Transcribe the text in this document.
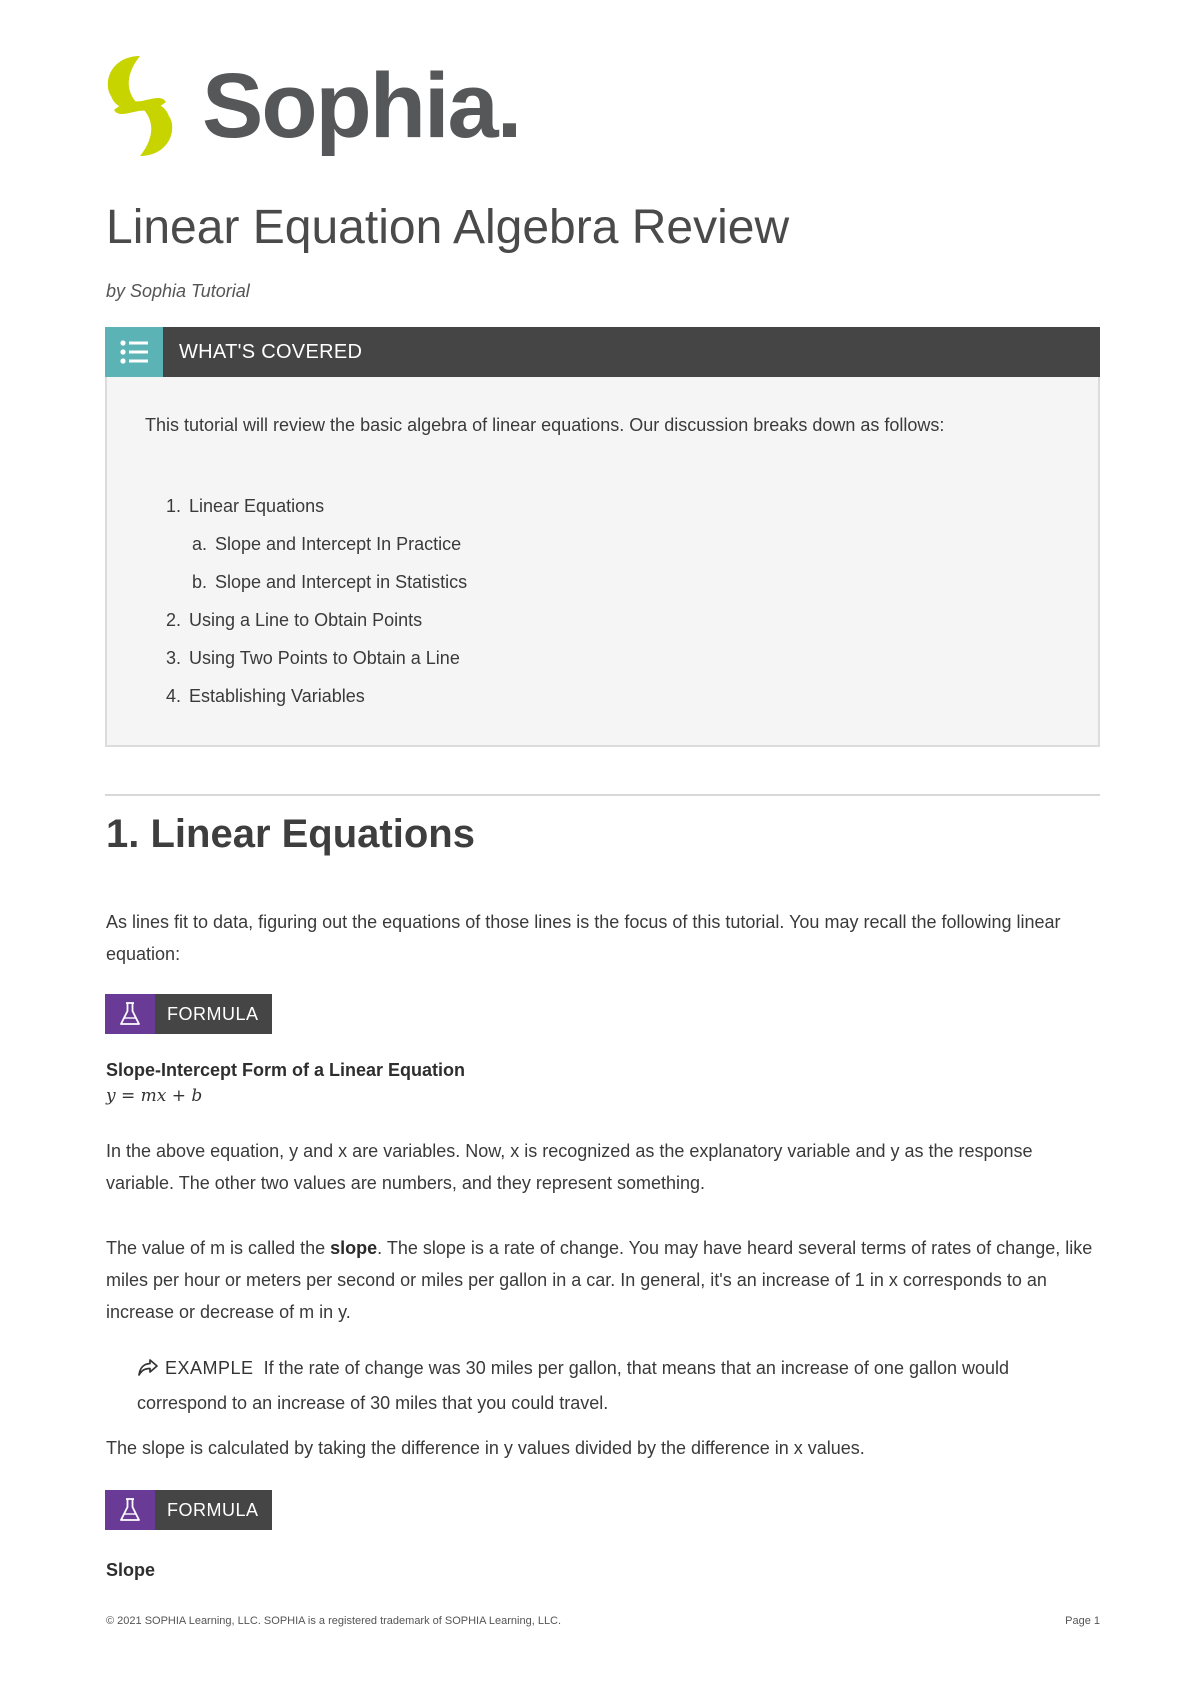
Sophia.
Linear Equation Algebra Review
by Sophia Tutorial
WHAT'S COVERED
This tutorial will review the basic algebra of linear equations. Our discussion breaks down as follows:
1. Linear Equations
a. Slope and Intercept In Practice
b. Slope and Intercept in Statistics
2. Using a Line to Obtain Points
3. Using Two Points to Obtain a Line
4. Establishing Variables
1. Linear Equations

As lines fit to data, figuring out the equations of those lines is the focus of this tutorial. You may recall the following linear equation:

FORMULA
Slope-Intercept Form of a Linear Equation
y = mx + b

In the above equation, y and x are variables. Now, x is recognized as the explanatory variable and y as the response variable. The other two values are numbers, and they represent something.

The value of m is called the slope. The slope is a rate of change. You may have heard several terms of rates of change, like miles per hour or meters per second or miles per gallon in a car. In general, it's an increase of 1 in x corresponds to an increase or decrease of m in y.

EXAMPLE If the rate of change was 30 miles per gallon, that means that an increase of one gallon would correspond to an increase of 30 miles that you could travel.

The slope is calculated by taking the difference in y values divided by the difference in x values.

FORMULA
Slope
© 2021 SOPHIA Learning, LLC. SOPHIA is a registered trademark of SOPHIA Learning, LLC.	Page 1
